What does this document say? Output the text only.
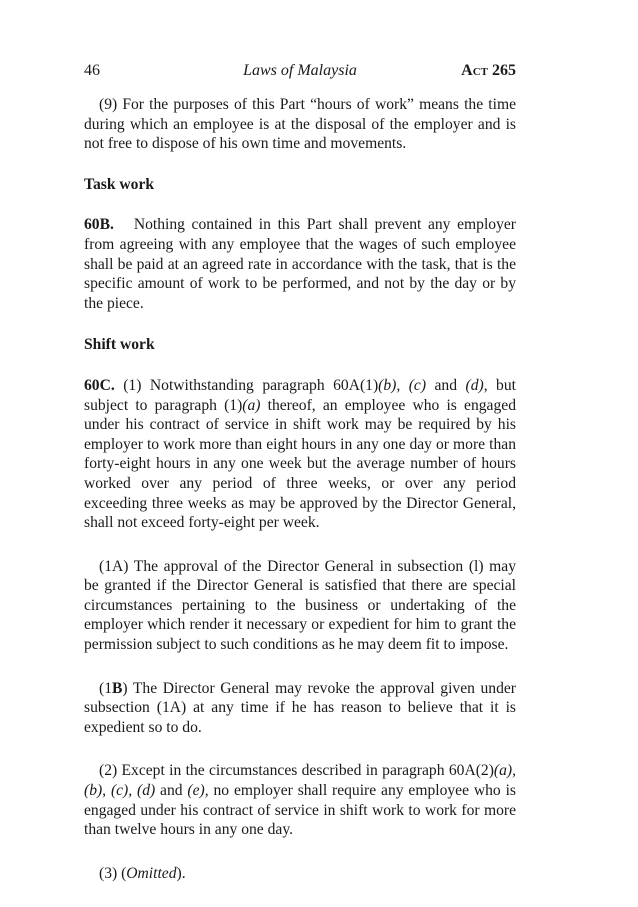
46	Laws of Malaysia	Act 265

(9) For the purposes of this Part “hours of work” means the time during which an employee is at the disposal of the employer and is not free to dispose of his own time and movements.

Task work

60B. Nothing contained in this Part shall prevent any employer from agreeing with any employee that the wages of such employee shall be paid at an agreed rate in accordance with the task, that is the specific amount of work to be performed, and not by the day or by the piece.

Shift work

60C. (1) Notwithstanding paragraph 60A(1)(b), (c) and (d), but subject to paragraph (1)(a) thereof, an employee who is engaged under his contract of service in shift work may be required by his employer to work more than eight hours in any one day or more than forty-eight hours in any one week but the average number of hours worked over any period of three weeks, or over any period exceeding three weeks as may be approved by the Director General, shall not exceed forty-eight per week.

(1A) The approval of the Director General in subsection (l) may be granted if the Director General is satisfied that there are special circumstances pertaining to the business or undertaking of the employer which render it necessary or expedient for him to grant the permission subject to such conditions as he may deem fit to impose.

(1B) The Director General may revoke the approval given under subsection (1A) at any time if he has reason to believe that it is expedient so to do.

(2) Except in the circumstances described in paragraph 60A(2)(a), (b), (c), (d) and (e), no employer shall require any employee who is engaged under his contract of service in shift work to work for more than twelve hours in any one day.

(3) (Omitted).
